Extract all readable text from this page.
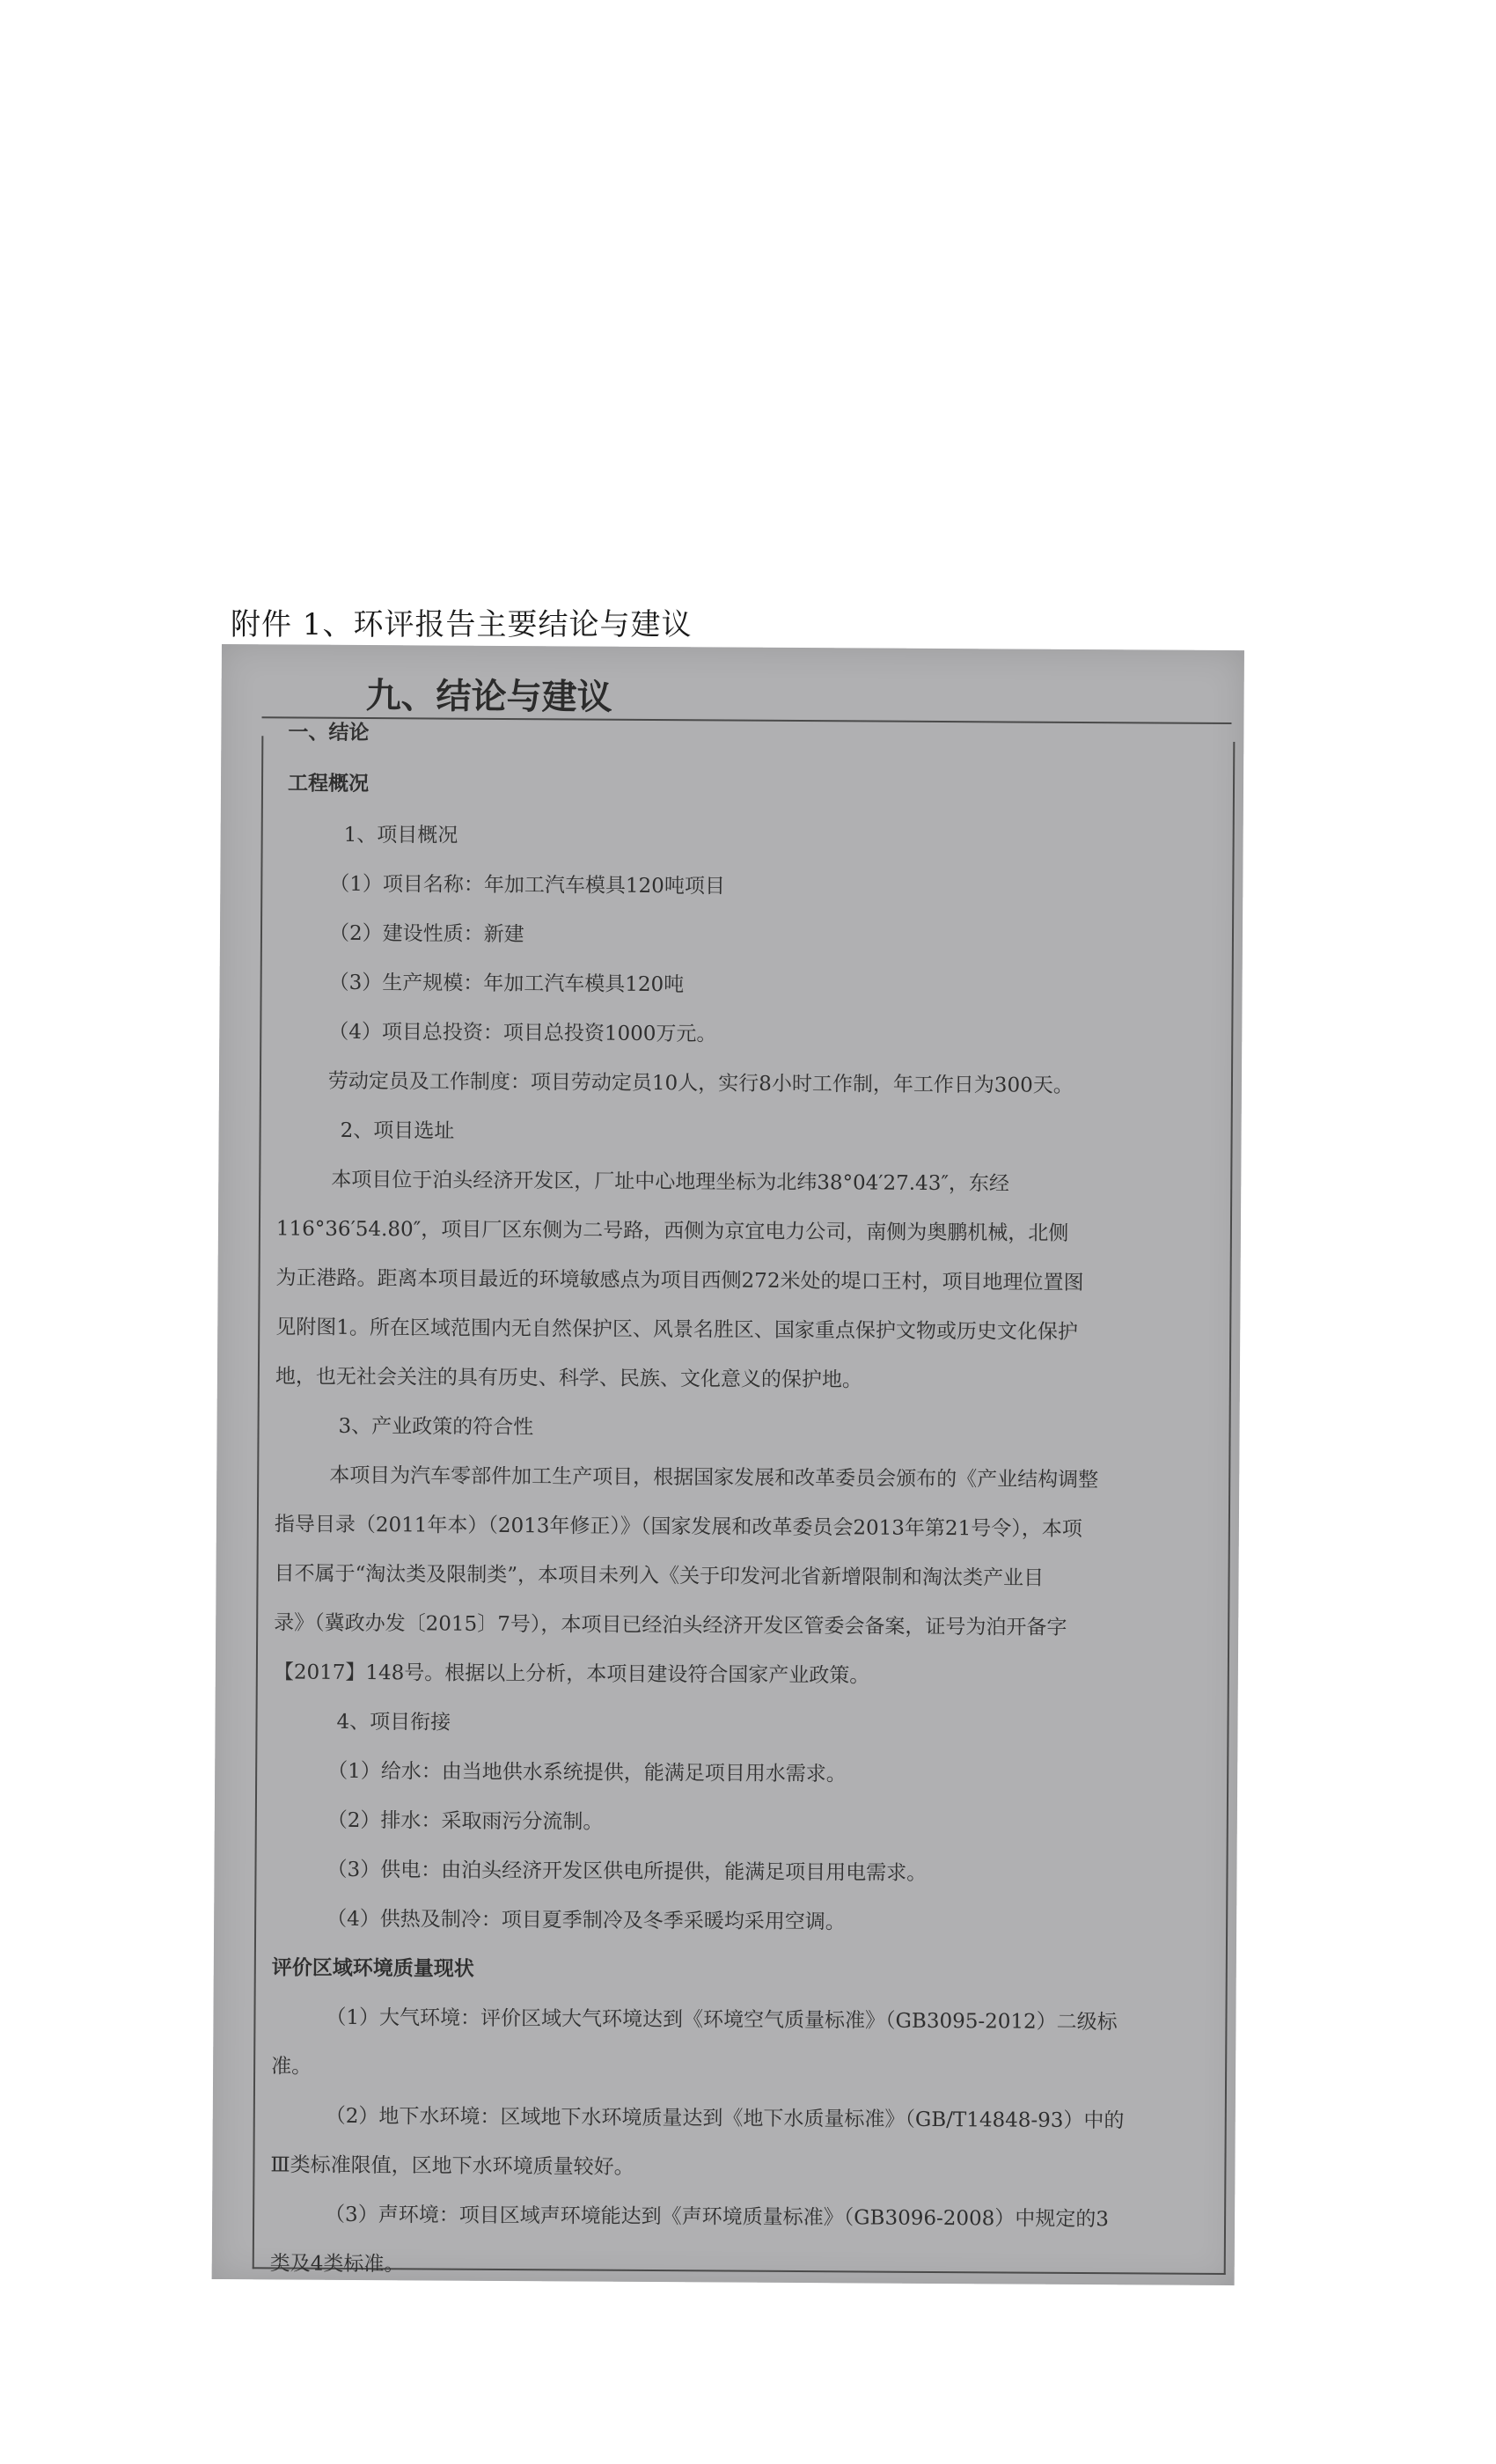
附件 1、环评报告主要结论与建议
九、结论与建议
一、结论
工程概况
1、项目概况
（1）项目名称：年加工汽车模具120吨项目
（2）建设性质：新建
（3）生产规模：年加工汽车模具120吨
（4）项目总投资：项目总投资1000万元。
劳动定员及工作制度：项目劳动定员10人，实行8小时工作制，年工作日为300天。
2、项目选址
本项目位于泊头经济开发区，厂址中心地理坐标为北纬38°04′27.43″，东经
116°36′54.80″，项目厂区东侧为二号路，西侧为京宜电力公司，南侧为奥鹏机械，北侧
为正港路。距离本项目最近的环境敏感点为项目西侧272米处的堤口王村，项目地理位置图
见附图1。所在区域范围内无自然保护区、风景名胜区、国家重点保护文物或历史文化保护
地，也无社会关注的具有历史、科学、民族、文化意义的保护地。
3、产业政策的符合性
本项目为汽车零部件加工生产项目，根据国家发展和改革委员会颁布的《产业结构调整
指导目录（2011年本）（2013年修正）》（国家发展和改革委员会2013年第21号令），本项
目不属于“淘汰类及限制类”，本项目未列入《关于印发河北省新增限制和淘汰类产业目
录》（冀政办发〔2015〕7号），本项目已经泊头经济开发区管委会备案，证号为泊开备字
【2017】148号。根据以上分析，本项目建设符合国家产业政策。
4、项目衔接
（1）给水：由当地供水系统提供，能满足项目用水需求。
（2）排水：采取雨污分流制。
（3）供电：由泊头经济开发区供电所提供，能满足项目用电需求。
（4）供热及制冷：项目夏季制冷及冬季采暖均采用空调。
评价区域环境质量现状
（1）大气环境：评价区域大气环境达到《环境空气质量标准》（GB3095-2012）二级标
准。
（2）地下水环境：区域地下水环境质量达到《地下水质量标准》（GB/T14848-93）中的
Ⅲ类标准限值，区地下水环境质量较好。
（3）声环境：项目区域声环境能达到《声环境质量标准》（GB3096-2008）中规定的3
类及4类标准。
